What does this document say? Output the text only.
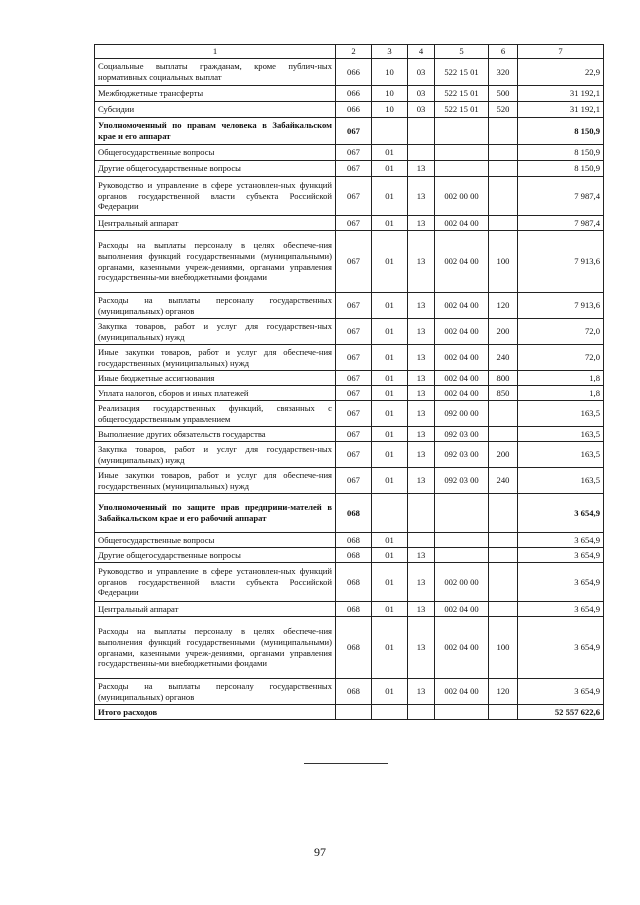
1	2	3	4	5	6	7
Социальные выплаты гражданам, кроме публич-ных нормативных социальных выплат	066	10	03	522 15 01	320	22,9
Межбюджетные трансферты	066	10	03	522 15 01	500	31 192,1
Субсидии	066	10	03	522 15 01	520	31 192,1
Уполномоченный по правам человека в Забайкальском крае и его аппарат	067					8 150,9
Общегосударственные вопросы	067	01				8 150,9
Другие общегосударственные вопросы	067	01	13			8 150,9
Руководство и управление в сфере установлен-ных функций органов государственной власти субъекта Российской Федерации	067	01	13	002 00 00		7 987,4
Центральный аппарат	067	01	13	002 04 00		7 987,4
Расходы на выплаты персоналу в целях обеспече-ния выполнения функций государственными (муниципальными) органами, казенными учреж-дениями, органами управления государственны-ми внебюджетными фондами	067	01	13	002 04 00	100	7 913,6
Расходы на выплаты персоналу государственных (муниципальных) органов	067	01	13	002 04 00	120	7 913,6
Закупка товаров, работ и услуг для государствен-ных (муниципальных) нужд	067	01	13	002 04 00	200	72,0
Иные закупки товаров, работ и услуг для обеспече-ния государственных (муниципальных) нужд	067	01	13	002 04 00	240	72,0
Иные бюджетные ассигнования	067	01	13	002 04 00	800	1,8
Уплата налогов, сборов и иных платежей	067	01	13	002 04 00	850	1,8
Реализация государственных функций, связанных с общегосударственным управлением	067	01	13	092 00 00		163,5
Выполнение других обязательств государства	067	01	13	092 03 00		163,5
Закупка товаров, работ и услуг для государствен-ных (муниципальных) нужд	067	01	13	092 03 00	200	163,5
Иные закупки товаров, работ и услуг для обеспече-ния государственных (муниципальных) нужд	067	01	13	092 03 00	240	163,5
Уполномоченный по защите прав предприни-мателей в Забайкальском крае и его рабочий аппарат	068					3 654,9
Общегосударственные вопросы	068	01				3 654,9
Другие общегосударственные вопросы	068	01	13			3 654,9
Руководство и управление в сфере установлен-ных функций органов государственной власти субъекта Российской Федерации	068	01	13	002 00 00		3 654,9
Центральный аппарат	068	01	13	002 04 00		3 654,9
Расходы на выплаты персоналу в целях обеспече-ния выполнения функций государственными (муниципальными) органами, казенными учреж-дениями, органами управления государственны-ми внебюджетными фондами	068	01	13	002 04 00	100	3 654,9
Расходы на выплаты персоналу государственных (муниципальных) органов	068	01	13	002 04 00	120	3 654,9
Итого расходов						52 557 622,6
97
